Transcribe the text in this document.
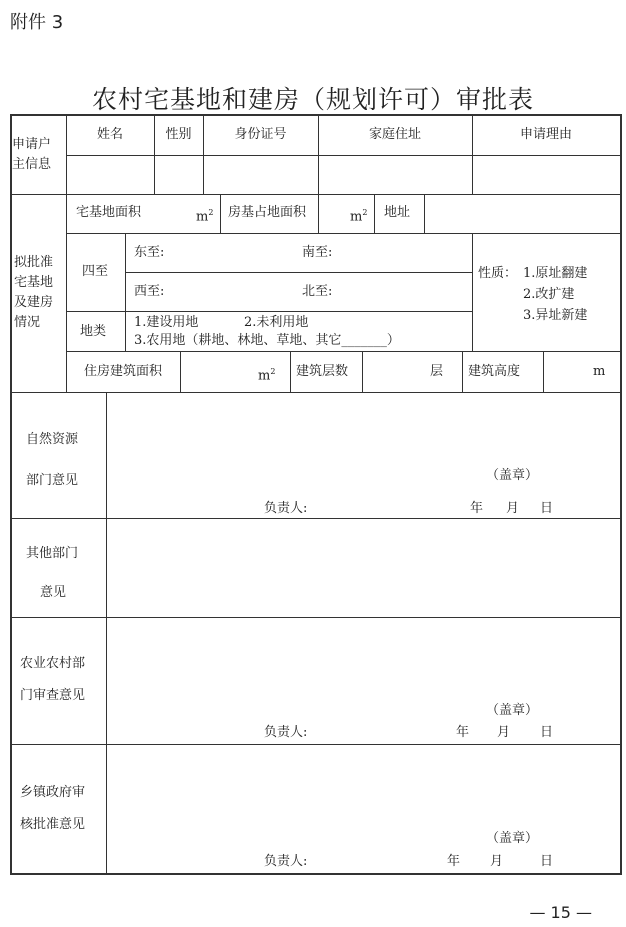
附件 3
农村宅基地和建房（规划许可）审批表
申请户
主信息
姓名	性别	身份证号	家庭住址	申请理由
拟批准
宅基地
及建房
情况
宅基地面积	$m^2$ 房基占地面积	$m^2$ 地址
四至
东至:	南至:
西至:	北至:
性质： 1.原址翻建
2.改扩建
3.异址新建
地类
1.建设用地	2.未利用地
3.农用地（耕地、林地、草地、其它_______）
住房建筑面积	$m^2$ 建筑层数	层 建筑高度	m
自然资源
部门意见	（盖章）
负责人:	年 月 日
其他部门
意见
农业农村部
门审查意见
（盖章）
负责人:	年 月 日
乡镇政府审
核批准意见
（盖章）
负责人:	年 月	日
— 15 —
